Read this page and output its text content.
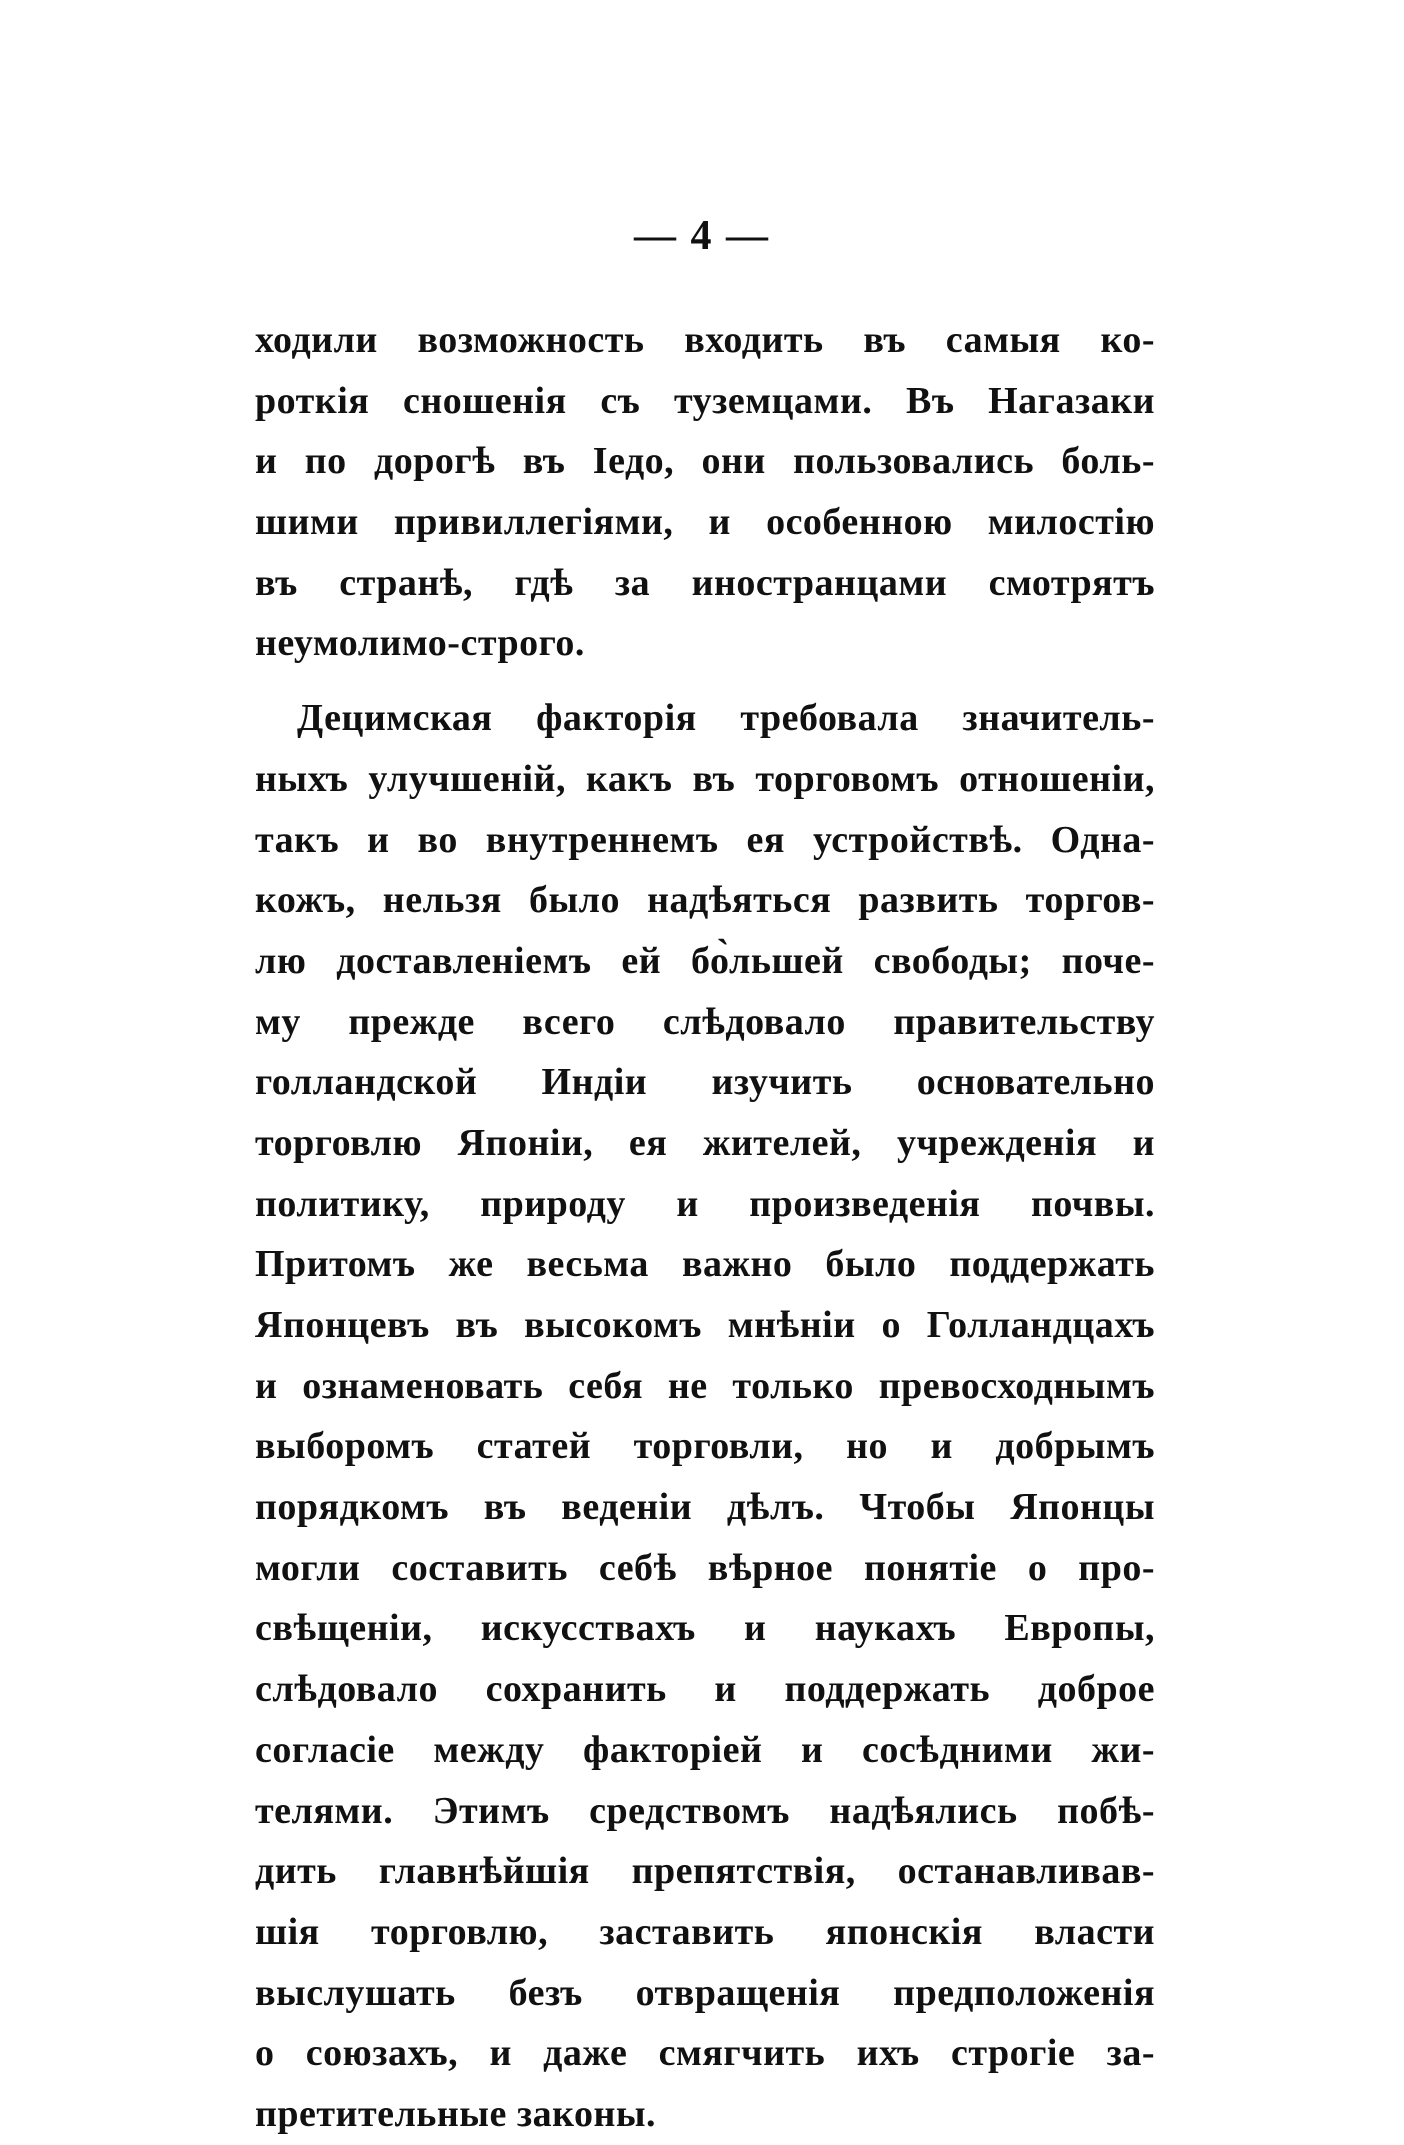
— 4 —
ходили возможность входить въ самыя ко-
роткія сношенія съ туземцами. Въ Нагазаки
и по дорогѣ въ Іедо, они пользовались боль-
шими привиллегіями, и особенною милостію
въ странѣ, гдѣ за иностранцами смотрятъ
неумолимо-строго.
Децимская факторія требовала значитель-
ныхъ улучшеній, какъ въ торговомъ отношеніи,
такъ и во внутреннемъ ея устройствѣ. Одна-
кожъ, нельзя было надѣяться развить торгов-
лю доставленіемъ ей бо̀льшей свободы; поче-
му прежде всего слѣдовало правительству
голландской Индіи изучить основательно
торговлю Японіи, ея жителей, учрежденія и
политику, природу и произведенія почвы.
Притомъ же весьма важно было поддержать
Японцевъ въ высокомъ мнѣніи о Голландцахъ
и ознаменовать себя не только превосходнымъ
выборомъ статей торговли, но и добрымъ
порядкомъ въ веденіи дѣлъ. Чтобы Японцы
могли составить себѣ вѣрное понятіе о про-
свѣщеніи, искусствахъ и наукахъ Европы,
слѣдовало сохранить и поддержать доброе
согласіе между факторіей и сосѣдними жи-
телями. Этимъ средствомъ надѣялись побѣ-
дить главнѣйшія препятствія, останавливав-
шія торговлю, заставить японскія власти
выслушать безъ отвращенія предположенія
о союзахъ, и даже смягчить ихъ строгіе за-
претительные законы.
